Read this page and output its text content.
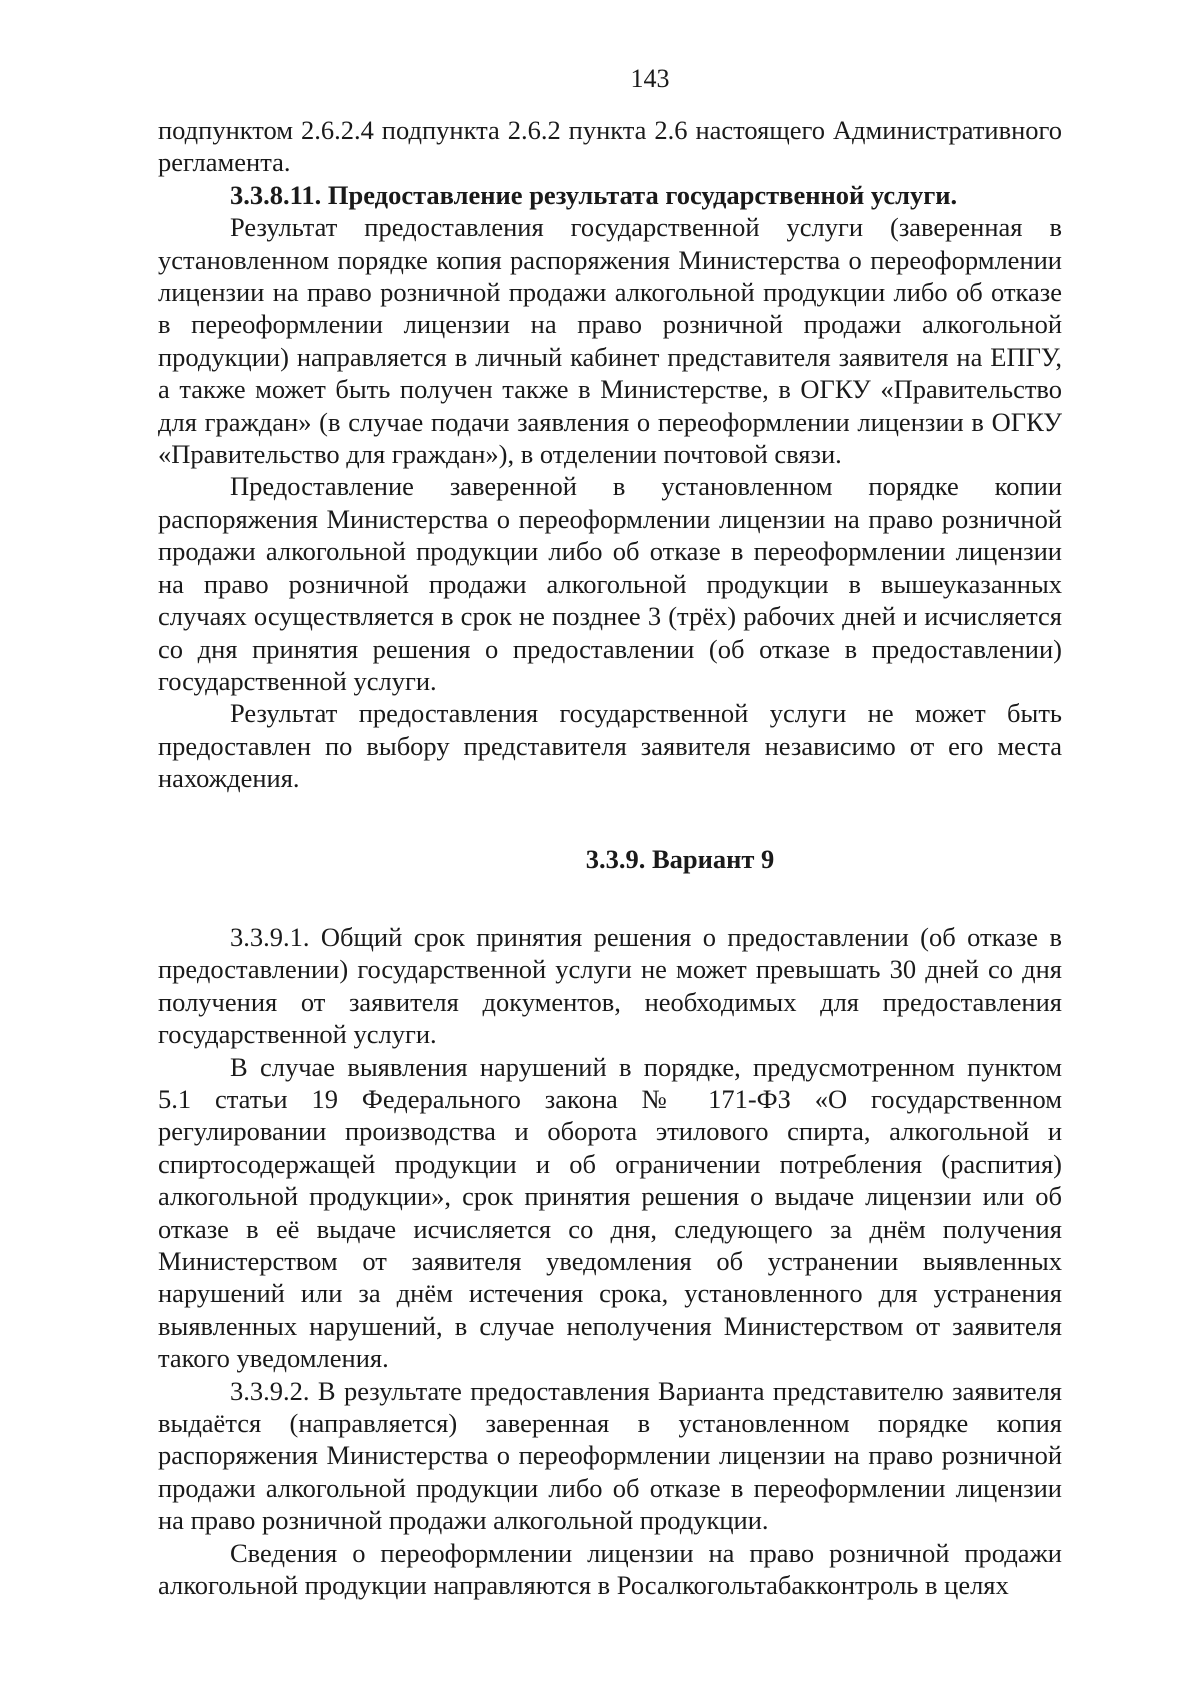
143

подпунктом 2.6.2.4 подпункта 2.6.2 пункта 2.6 настоящего Административного регламента.

3.3.8.11. Предоставление результата государственной услуги.

Результат предоставления государственной услуги (заверенная в установленном порядке копия распоряжения Министерства о переоформлении лицензии на право розничной продажи алкогольной продукции либо об отказе в переоформлении лицензии на право розничной продажи алкогольной продукции) направляется в личный кабинет представителя заявителя на ЕПГУ, а также может быть получен также в Министерстве, в ОГКУ «Правительство для граждан» (в случае подачи заявления о переоформлении лицензии в ОГКУ «Правительство для граждан»), в отделении почтовой связи.

Предоставление заверенной в установленном порядке копии распоряжения Министерства о переоформлении лицензии на право розничной продажи алкогольной продукции либо об отказе в переоформлении лицензии на право розничной продажи алкогольной продукции в вышеуказанных случаях осуществляется в срок не позднее 3 (трёх) рабочих дней и исчисляется со дня принятия решения о предоставлении (об отказе в предоставлении) государственной услуги.

Результат предоставления государственной услуги не может быть предоставлен по выбору представителя заявителя независимо от его места нахождения.

3.3.9. Вариант 9

3.3.9.1. Общий срок принятия решения о предоставлении (об отказе в предоставлении) государственной услуги не может превышать 30 дней со дня получения от заявителя документов, необходимых для предоставления государственной услуги.

В случае выявления нарушений в порядке, предусмотренном пунктом 5.1 статьи 19 Федерального закона № 171-ФЗ «О государственном регулировании производства и оборота этилового спирта, алкогольной и спиртосодержащей продукции и об ограничении потребления (распития) алкогольной продукции», срок принятия решения о выдаче лицензии или об отказе в её выдаче исчисляется со дня, следующего за днём получения Министерством от заявителя уведомления об устранении выявленных нарушений или за днём истечения срока, установленного для устранения выявленных нарушений, в случае неполучения Министерством от заявителя такого уведомления.

3.3.9.2. В результате предоставления Варианта представителю заявителя выдаётся (направляется) заверенная в установленном порядке копия распоряжения Министерства о переоформлении лицензии на право розничной продажи алкогольной продукции либо об отказе в переоформлении лицензии на право розничной продажи алкогольной продукции.

Сведения о переоформлении лицензии на право розничной продажи алкогольной продукции направляются в Росалкогольтабакконтроль в целях
